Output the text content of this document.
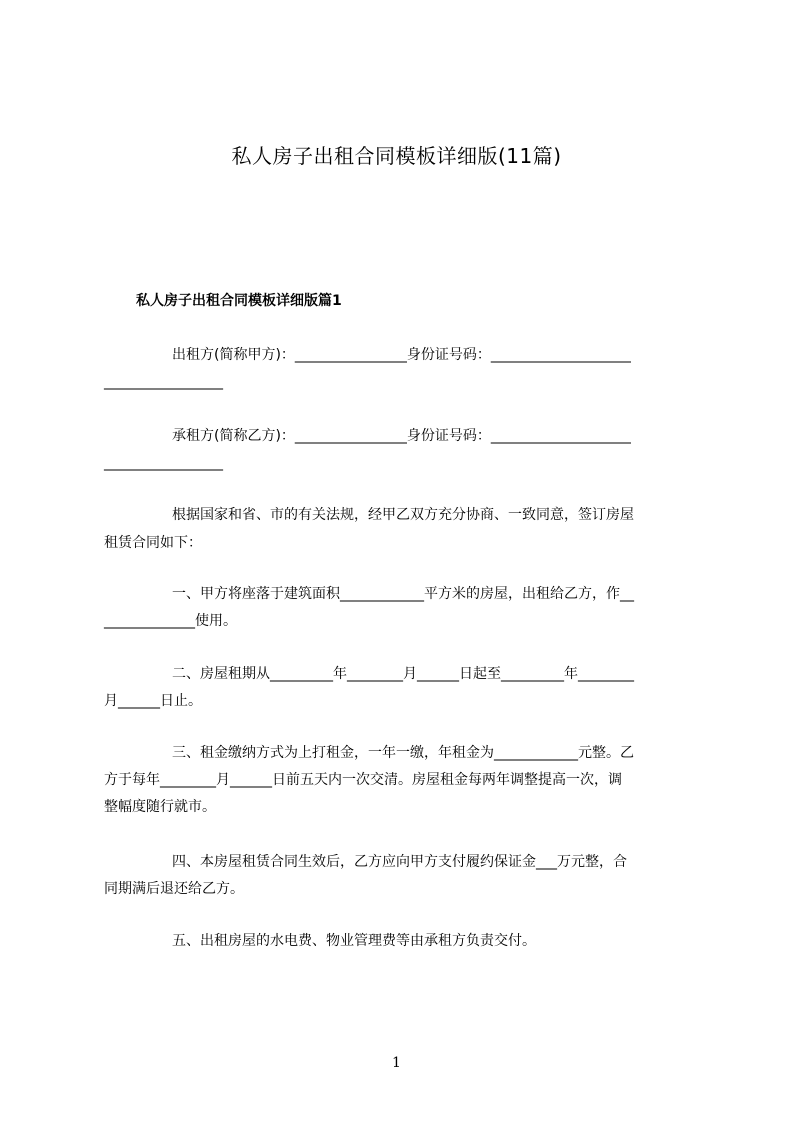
私人房子出租合同模板详细版(11篇)
私人房子出租合同模板详细版篇1
出租方(简称甲方)：________________身份证号码：____________________
_________________
承租方(简称乙方)：________________身份证号码：____________________
_________________
根据国家和省、市的有关法规，经甲乙双方充分协商、一致同意，签订房屋
租赁合同如下：
一、甲方将座落于建筑面积____________平方米的房屋，出租给乙方，作__
_____________使用。
二、房屋租期从_________年________月______日起至_________年________
月______日止。
三、租金缴纳方式为上打租金，一年一缴，年租金为____________元整。乙
方于每年________月______日前五天内一次交清。房屋租金每两年调整提高一次，调
整幅度随行就市。
四、本房屋租赁合同生效后，乙方应向甲方支付履约保证金___万元整，合
同期满后退还给乙方。
五、出租房屋的水电费、物业管理费等由承租方负责交付。
1
